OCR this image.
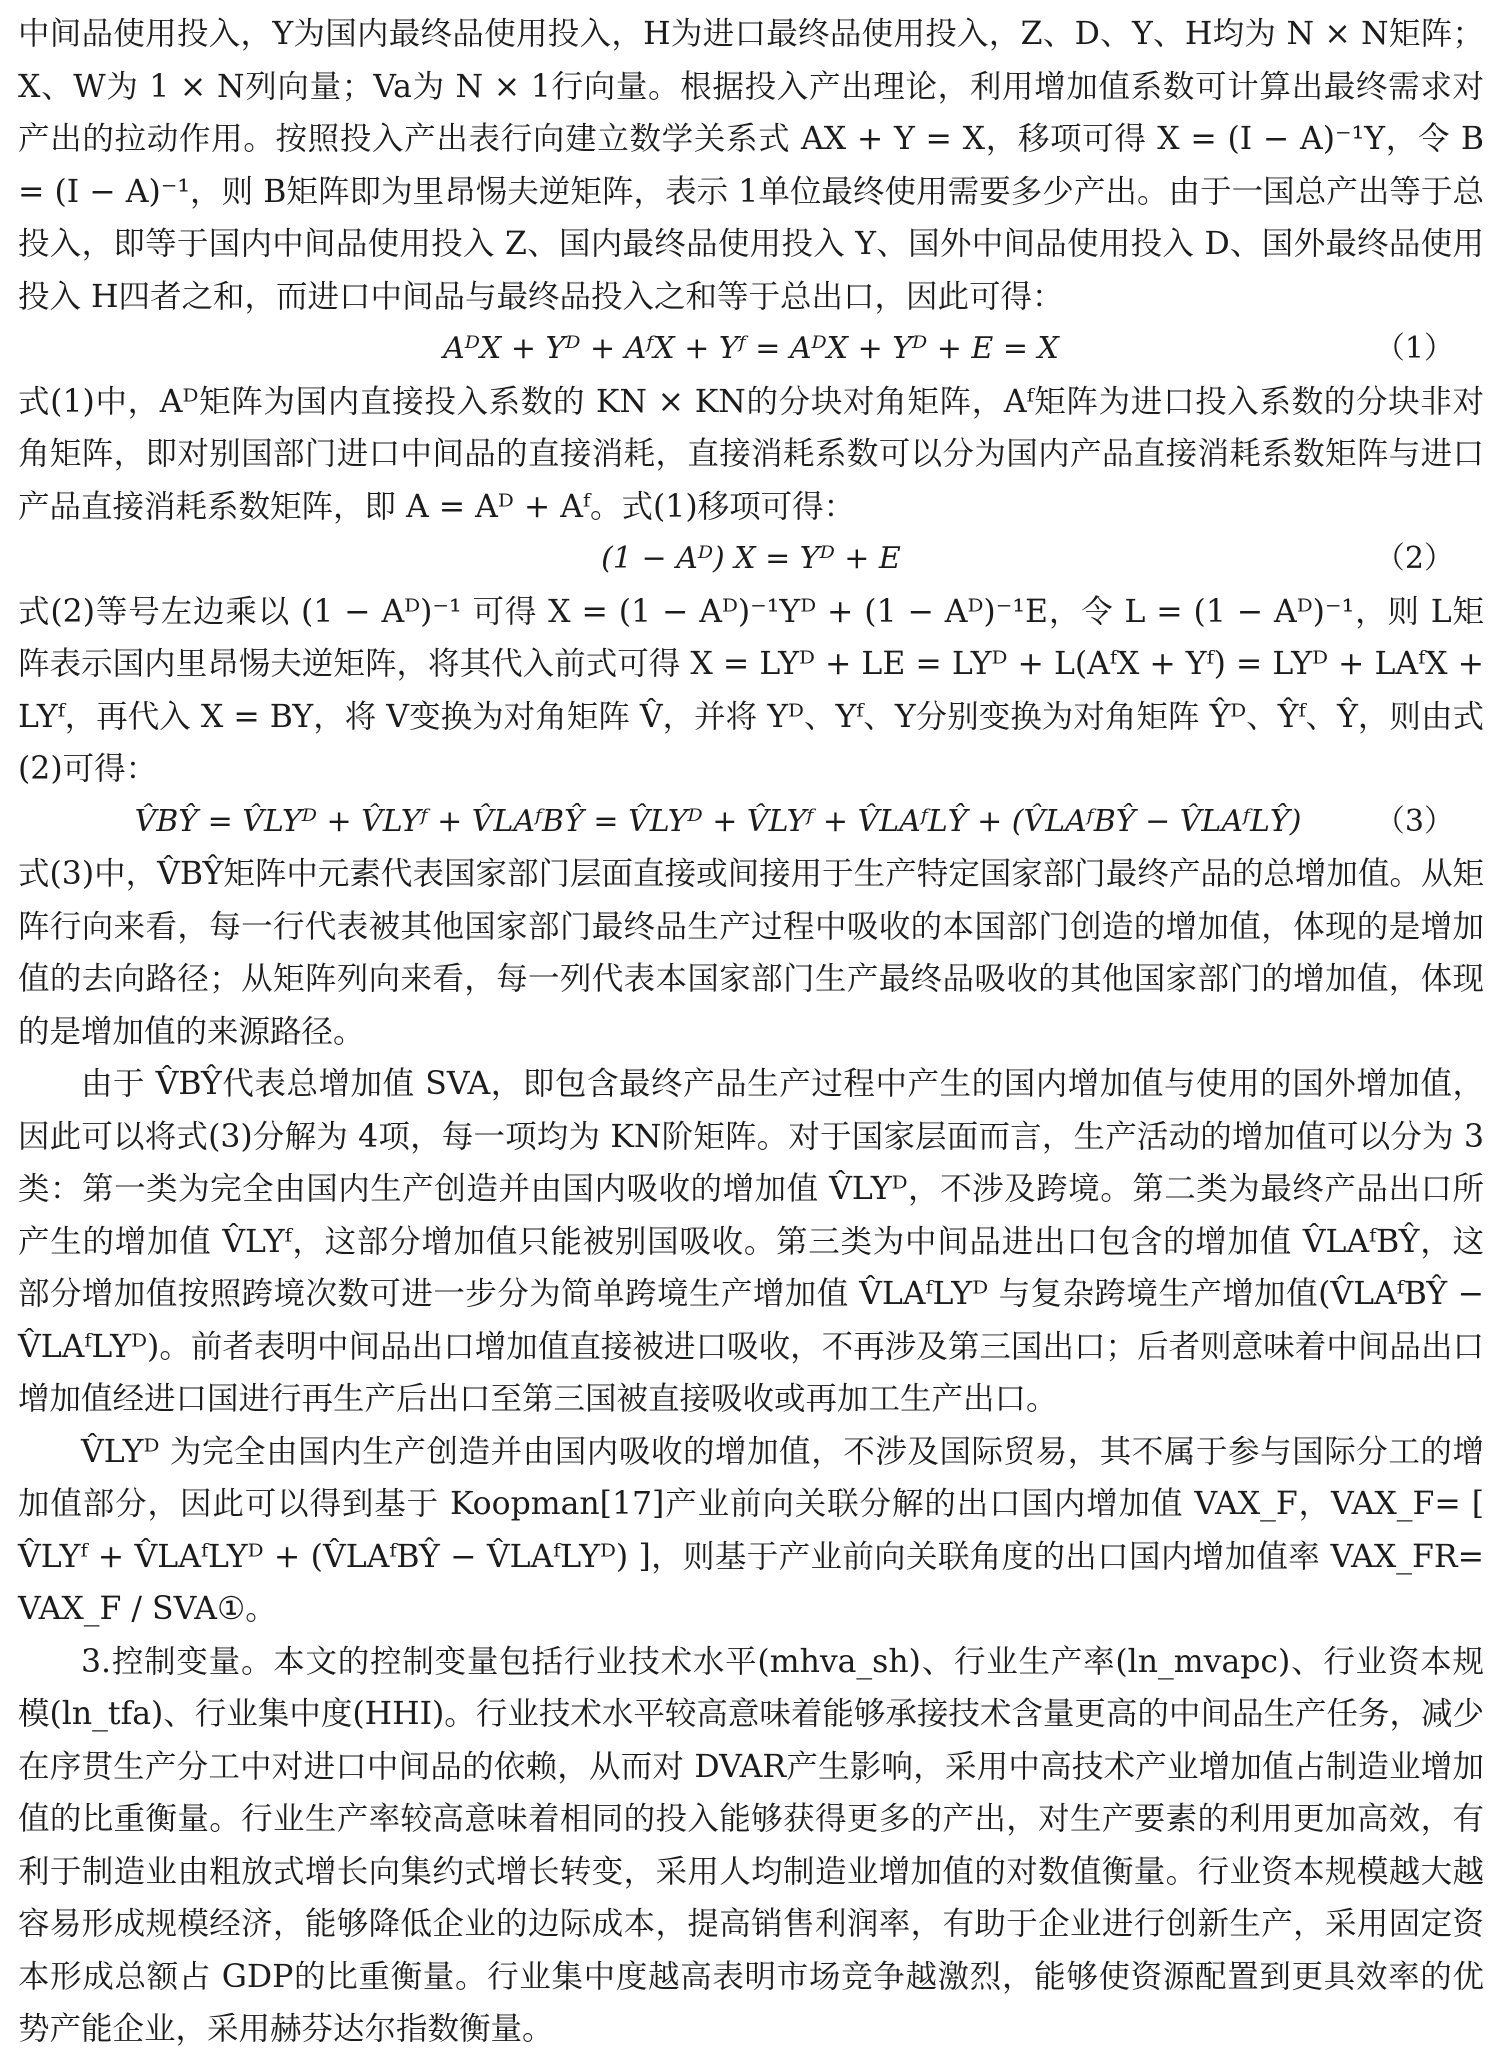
中间品使用投入，Y为国内最终品使用投入，H为进口最终品使用投入，Z、D、Y、H均为 N × N矩阵；X、W为 1 × N列向量；Va为 N × 1行向量。根据投入产出理论，利用增加值系数可计算出最终需求对产出的拉动作用。按照投入产出表行向建立数学关系式 AX + Y = X，移项可得 X = (I − A)⁻¹Y，令 B = (I − A)⁻¹，则 B矩阵即为里昂惕夫逆矩阵，表示 1单位最终使用需要多少产出。由于一国总产出等于总投入，即等于国内中间品使用投入 Z、国内最终品使用投入 Y、国外中间品使用投入 D、国外最终品使用投入 H四者之和，而进口中间品与最终品投入之和等于总出口，因此可得：

AᴰX + Yᴰ + AᶠX + Yᶠ = AᴰX + Yᴰ + E = X	（1）

式(1)中，Aᴰ矩阵为国内直接投入系数的 KN × KN的分块对角矩阵，Aᶠ矩阵为进口投入系数的分块非对角矩阵，即对别国部门进口中间品的直接消耗，直接消耗系数可以分为国内产品直接消耗系数矩阵与进口产品直接消耗系数矩阵，即 A = Aᴰ + Aᶠ。式(1)移项可得：

(1 − Aᴰ) X = Yᴰ + E	（2）

式(2)等号左边乘以 (1 − Aᴰ)⁻¹ 可得 X = (1 − Aᴰ)⁻¹Yᴰ + (1 − Aᴰ)⁻¹E，令 L = (1 − Aᴰ)⁻¹，则 L矩阵表示国内里昂惕夫逆矩阵，将其代入前式可得 X = LYᴰ + LE = LYᴰ + L(AᶠX + Yᶠ) = LYᴰ + LAᶠX + LYᶠ，再代入 X = BY，将 V变换为对角矩阵 V̂，并将 Yᴰ、Yᶠ、Y分别变换为对角矩阵 Ŷᴰ、Ŷᶠ、Ŷ，则由式(2)可得：

V̂BŶ = V̂LYᴰ + V̂LYᶠ + V̂LAᶠBŶ = V̂LYᴰ + V̂LYᶠ + V̂LAᶠLŶ + (V̂LAᶠBŶ − V̂LAᶠLŶ)	（3）

式(3)中，V̂BŶ矩阵中元素代表国家部门层面直接或间接用于生产特定国家部门最终产品的总增加值。从矩阵行向来看，每一行代表被其他国家部门最终品生产过程中吸收的本国部门创造的增加值，体现的是增加值的去向路径；从矩阵列向来看，每一列代表本国家部门生产最终品吸收的其他国家部门的增加值，体现的是增加值的来源路径。

由于 V̂BŶ代表总增加值 SVA，即包含最终产品生产过程中产生的国内增加值与使用的国外增加值，因此可以将式(3)分解为 4项，每一项均为 KN阶矩阵。对于国家层面而言，生产活动的增加值可以分为 3类：第一类为完全由国内生产创造并由国内吸收的增加值 V̂LYᴰ，不涉及跨境。第二类为最终产品出口所产生的增加值 V̂LYᶠ，这部分增加值只能被别国吸收。第三类为中间品进出口包含的增加值 V̂LAᶠBŶ，这部分增加值按照跨境次数可进一步分为简单跨境生产增加值 V̂LAᶠLYᴰ 与复杂跨境生产增加值(V̂LAᶠBŶ − V̂LAᶠLYᴰ)。前者表明中间品出口增加值直接被进口吸收，不再涉及第三国出口；后者则意味着中间品出口增加值经进口国进行再生产后出口至第三国被直接吸收或再加工生产出口。

V̂LYᴰ 为完全由国内生产创造并由国内吸收的增加值，不涉及国际贸易，其不属于参与国际分工的增加值部分，因此可以得到基于 Koopman[17]产业前向关联分解的出口国内增加值 VAX_F，VAX_F= [ V̂LYᶠ + V̂LAᶠLYᴰ + (V̂LAᶠBŶ − V̂LAᶠLYᴰ) ]，则基于产业前向关联角度的出口国内增加值率 VAX_FR= VAX_F / SVA①。

3.控制变量。本文的控制变量包括行业技术水平(mhva_sh)、行业生产率(ln_mvapc)、行业资本规模(ln_tfa)、行业集中度(HHI)。行业技术水平较高意味着能够承接技术含量更高的中间品生产任务，减少在序贯生产分工中对进口中间品的依赖，从而对 DVAR产生影响，采用中高技术产业增加值占制造业增加值的比重衡量。行业生产率较高意味着相同的投入能够获得更多的产出，对生产要素的利用更加高效，有利于制造业由粗放式增长向集约式增长转变，采用人均制造业增加值的对数值衡量。行业资本规模越大越容易形成规模经济，能够降低企业的边际成本，提高销售利润率，有助于企业进行创新生产，采用固定资本形成总额占 GDP的比重衡量。行业集中度越高表明市场竞争越激烈，能够使资源配置到更具效率的优势产能企业，采用赫芬达尔指数衡量。
